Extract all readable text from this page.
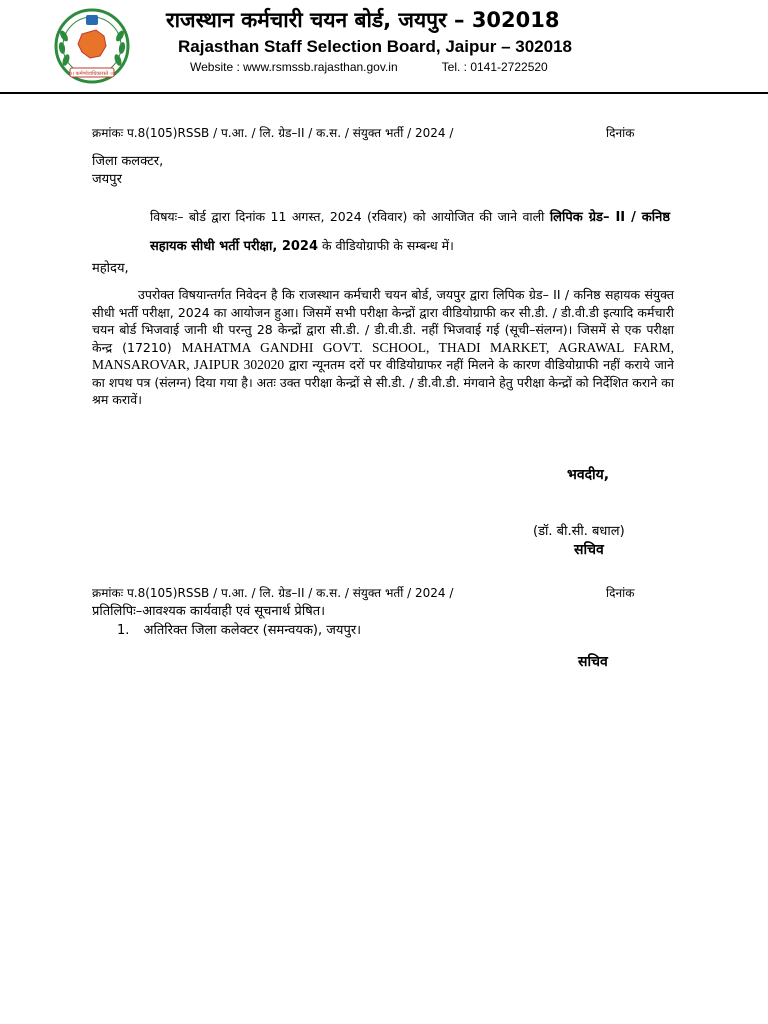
।। कर्मण्येवाधिकारस्ते ।।
राजस्थान कर्मचारी चयन बोर्ड, जयपुर – 302018
Rajasthan Staff Selection Board, Jaipur – 302018
Website : www.rsmssb.rajasthan.gov.in	Tel. : 0141-2722520
क्रमांकः प.8(105)RSSB / प.आ. / लि. ग्रेड–II / क.स. / संयुक्त भर्ती / 2024 /	दिनांक
जिला कलक्टर,
जयपुर
विषयः– बोर्ड द्वारा दिनांक 11 अगस्त, 2024 (रविवार) को आयोजित की जाने वाली लिपिक ग्रेड– II / कनिष्ठ सहायक सीधी भर्ती परीक्षा, 2024 के वीडियोग्राफी के सम्बन्ध में।
महोदय,
उपरोक्त विषयान्तर्गत निवेदन है कि राजस्थान कर्मचारी चयन बोर्ड, जयपुर द्वारा लिपिक ग्रेड– II / कनिष्ठ सहायक संयुक्त सीधी भर्ती परीक्षा, 2024 का आयोजन हुआ। जिसमें सभी परीक्षा केन्द्रों द्वारा वीडियोग्राफी कर सी.डी. / डी.वी.डी इत्यादि कर्मचारी चयन बोर्ड भिजवाई जानी थी परन्तु 28 केन्द्रों द्वारा सी.डी. / डी.वी.डी. नहीं भिजवाई गई (सूची–संलग्न)। जिसमें से एक परीक्षा केन्द्र (17210) MAHATMA GANDHI GOVT. SCHOOL, THADI MARKET, AGRAWAL FARM, MANSAROVAR, JAIPUR 302020 द्वारा न्यूनतम दरों पर वीडियोग्राफर नहीं मिलने के कारण वीडियोग्राफी नहीं कराये जाने का शपथ पत्र (संलग्न) दिया गया है। अतः उक्त परीक्षा केन्द्रों से सी.डी. / डी.वी.डी. मंगवाने हेतु परीक्षा केन्द्रों को निर्देशित कराने का श्रम करावें।
भवदीय,
(डॉ. बी.सी. बधाल)
सचिव
क्रमांकः प.8(105)RSSB / प.आ. / लि. ग्रेड–II / क.स. / संयुक्त भर्ती / 2024 /	दिनांक
प्रतिलिपिः–आवश्यक कार्यवाही एवं सूचनार्थ प्रेषित।
1. अतिरिक्त जिला कलेक्टर (समन्वयक), जयपुर।
सचिव
